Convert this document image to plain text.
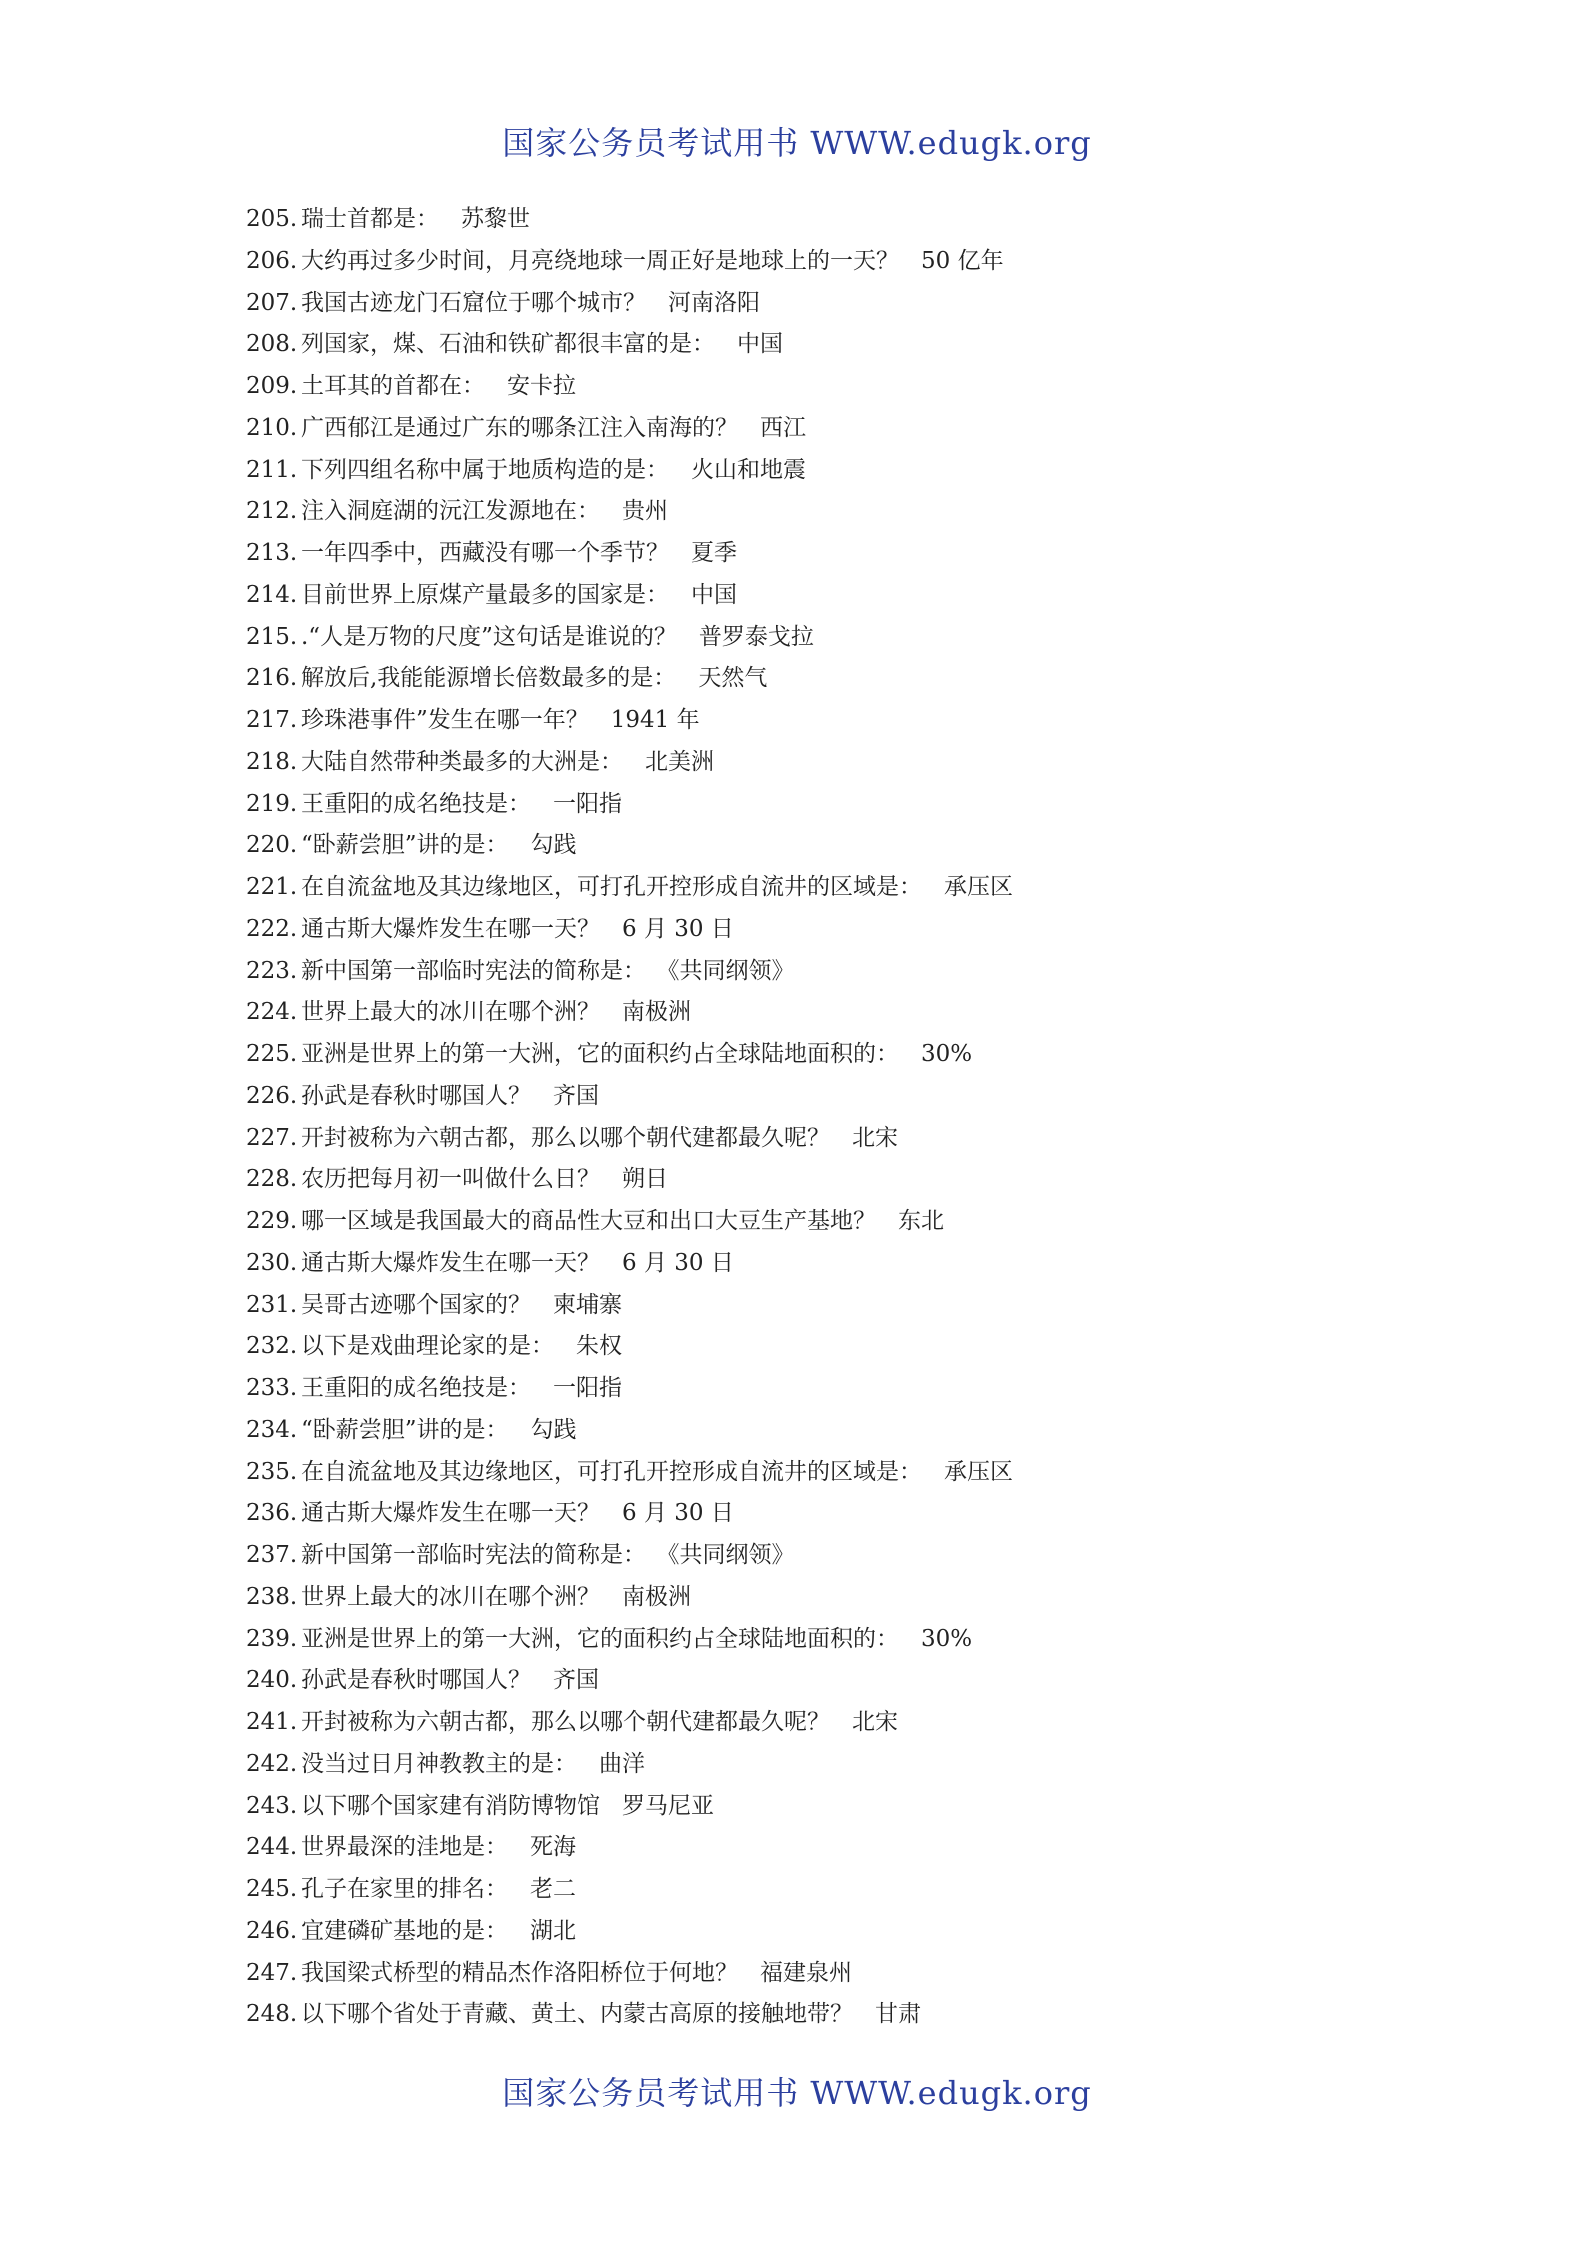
国家公务员考试用书 WWW.edugk.org
205. 瑞士首都是： 苏黎世
206. 大约再过多少时间，月亮绕地球一周正好是地球上的一天？ 50 亿年
207. 我国古迹龙门石窟位于哪个城市？ 河南洛阳
208. 列国家，煤、石油和铁矿都很丰富的是： 中国
209. 土耳其的首都在： 安卡拉
210. 广西郁江是通过广东的哪条江注入南海的？ 西江
211. 下列四组名称中属于地质构造的是： 火山和地震
212. 注入洞庭湖的沅江发源地在： 贵州
213. 一年四季中，西藏没有哪一个季节？ 夏季
214. 目前世界上原煤产量最多的国家是： 中国
215. .“人是万物的尺度”这句话是谁说的？ 普罗泰戈拉
216. 解放后,我能能源增长倍数最多的是： 天然气
217. 珍珠港事件”发生在哪一年？ 1941 年
218. 大陆自然带种类最多的大洲是： 北美洲
219. 王重阳的成名绝技是： 一阳指
220. “卧薪尝胆”讲的是： 勾践
221. 在自流盆地及其边缘地区，可打孔开控形成自流井的区域是： 承压区
222. 通古斯大爆炸发生在哪一天？ 6 月 30 日
223. 新中国第一部临时宪法的简称是： 《共同纲领》
224. 世界上最大的冰川在哪个洲？ 南极洲
225. 亚洲是世界上的第一大洲，它的面积约占全球陆地面积的： 30%
226. 孙武是春秋时哪国人？ 齐国
227. 开封被称为六朝古都，那么以哪个朝代建都最久呢？ 北宋
228. 农历把每月初一叫做什么日？ 朔日
229. 哪一区域是我国最大的商品性大豆和出口大豆生产基地？ 东北
230. 通古斯大爆炸发生在哪一天？ 6 月 30 日
231. 吴哥古迹哪个国家的？ 柬埔寨
232. 以下是戏曲理论家的是： 朱权
233. 王重阳的成名绝技是： 一阳指
234. “卧薪尝胆”讲的是： 勾践
235. 在自流盆地及其边缘地区，可打孔开控形成自流井的区域是： 承压区
236. 通古斯大爆炸发生在哪一天？ 6 月 30 日
237. 新中国第一部临时宪法的简称是： 《共同纲领》
238. 世界上最大的冰川在哪个洲？ 南极洲
239. 亚洲是世界上的第一大洲，它的面积约占全球陆地面积的： 30%
240. 孙武是春秋时哪国人？ 齐国
241. 开封被称为六朝古都，那么以哪个朝代建都最久呢？ 北宋
242. 没当过日月神教教主的是： 曲洋
243. 以下哪个国家建有消防博物馆 罗马尼亚
244. 世界最深的洼地是： 死海
245. 孔子在家里的排名： 老二
246. 宜建磷矿基地的是： 湖北
247. 我国梁式桥型的精品杰作洛阳桥位于何地？ 福建泉州
248. 以下哪个省处于青藏、黄土、内蒙古高原的接触地带？ 甘肃
国家公务员考试用书 WWW.edugk.org
